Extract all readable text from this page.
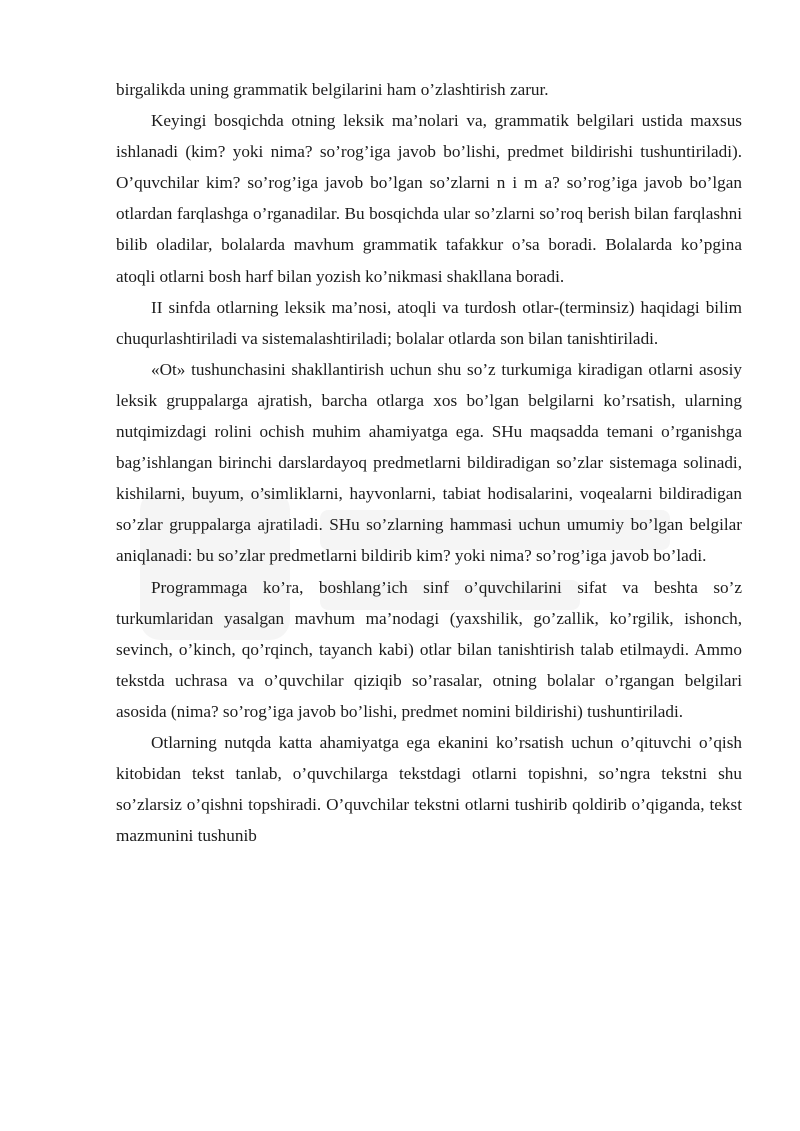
birgalikda uning grammatik belgilarini ham o’zlashtirish zarur.

Keyingi bosqichda otning leksik ma’nolari va, grammatik belgilari ustida maxsus ishlanadi (kim? yoki nima? so’rog’iga javob bo’lishi, predmet bildirishi tushuntiriladi). O’quvchilar kim? so’rog’iga javob bo’lgan so’zlarni n i m a? so’rog’iga javob bo’lgan otlardan farqlashga o’rganadilar. Bu bosqichda ular so’zlarni so’roq berish bilan farqlashni bilib oladilar, bolalarda mavhum grammatik tafakkur o’sa boradi. Bolalarda ko’pgina atoqli otlarni bosh harf bilan yozish ko’nikmasi shakllana boradi.

II sinfda otlarning leksik ma’nosi, atoqli va turdosh otlar-(terminsiz) haqidagi bilim chuqurlashtiriladi va sistemalashtiriladi; bolalar otlarda son bilan tanishtiriladi.

«Ot» tushunchasini shakllantirish uchun shu so’z turkumiga kiradigan otlarni asosiy leksik gruppalarga ajratish, barcha otlarga xos bo’lgan belgilarni ko’rsatish, ularning nutqimizdagi rolini ochish muhim ahamiyatga ega. SHu maqsadda temani o’rganishga bag’ishlangan birinchi darslardayoq predmetlarni bildiradigan so’zlar sistemaga solinadi, kishilarni, buyum, o’simliklarni, hayvonlarni, tabiat hodisalarini, voqealarni bildiradigan so’zlar gruppalarga ajratiladi. SHu so’zlarning hammasi uchun umumiy bo’lgan belgilar aniqlanadi: bu so’zlar predmetlarni bildirib kim? yoki nima? so’rog’iga javob bo’ladi.

Programmaga ko’ra, boshlang’ich sinf o’quvchilarini sifat va beshta so’z turkumlaridan yasalgan mavhum ma’nodagi (yaxshilik, go’zallik, ko’rgilik, ishonch, sevinch, o’kinch, qo’rqinch, tayanch kabi) otlar bilan tanishtirish talab etilmaydi. Ammo tekstda uchrasa va o’quvchilar qiziqib so’rasalar, otning bolalar o’rgangan belgilari asosida (nima? so’rog’iga javob bo’lishi, predmet nomini bildirishi) tushuntiriladi.

Otlarning nutqda katta ahamiyatga ega ekanini ko’rsatish uchun o’qituvchi o’qish kitobidan tekst tanlab, o’quvchilarga tekstdagi otlarni topishni, so’ngra tekstni shu so’zlarsiz o’qishni topshiradi. O’quvchilar tekstni otlarni tushirib qoldirib o’qiganda, tekst mazmunini tushunib
